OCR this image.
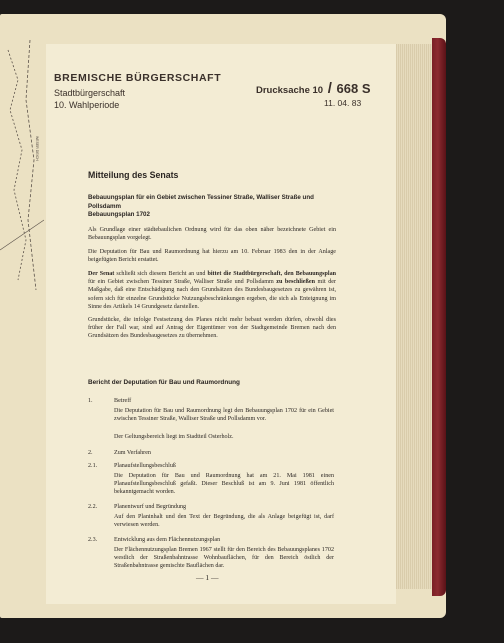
WESER DEICH
BREMISCHE BÜRGERSCHAFT
Stadtbürgerschaft
10. Wahlperiode
Drucksache 10 / 668 S
11. 04. 83
Mitteilung des Senats
Bebauungsplan für ein Gebiet zwischen Tessiner Straße, Walliser Straße und
Pollsdamm
Bebauungsplan 1702
Als Grundlage einer städtebaulichen Ordnung wird für das oben näher bezeichnete Gebiet ein Bebauungsplan vorgelegt.
Die Deputation für Bau und Raumordnung hat hierzu am 10. Februar 1983 den in der Anlage beigefügten Bericht erstattet.
Der Senat schließt sich diesem Bericht an und bittet die Stadtbürgerschaft, den Bebauungsplan für ein Gebiet zwischen Tessiner Straße, Walliser Straße und Pollsdamm zu beschließen mit der Maßgabe, daß eine Entschädigung nach den Grundsätzen des Bundesbaugesetzes zu gewähren ist, sofern sich für einzelne Grundstücke Nutzungsbeschränkungen ergeben, die sich als Enteignung im Sinne des Artikels 14 Grundgesetz darstellen.
Grundstücke, die infolge Festsetzung des Planes nicht mehr bebaut werden dürfen, obwohl dies früher der Fall war, sind auf Antrag der Eigentümer von der Stadtgemeinde Bremen nach den Grundsätzen des Bundesbaugesetzes zu übernehmen.
Bericht der Deputation für Bau und Raumordnung
1.	Betreff
Die Deputation für Bau und Raumordnung legt den Bebauungsplan 1702 für ein Gebiet zwischen Tessiner Straße, Walliser Straße und Pollsdamm vor.
Der Geltungsbereich liegt im Stadtteil Osterholz.
2.	Zum Verfahren
2.1.	Planaufstellungsbeschluß
Die Deputation für Bau und Raumordnung hat am 21. Mai 1981 einen Planaufstellungsbeschluß gefaßt. Dieser Beschluß ist am 9. Juni 1981 öffentlich bekanntgemacht worden.
2.2.	Planentwurf und Begründung
Auf den Planinhalt und den Text der Begründung, die als Anlage beigefügt ist, darf verwiesen werden.
2.3.	Entwicklung aus dem Flächennutzungsplan
Der Flächennutzungsplan Bremen 1967 stellt für den Bereich des Bebauungsplanes 1702 westlich der Straßenbahntrasse Wohnbauflächen, für den Bereich östlich der Straßenbahntrasse gemischte Bauflächen dar.
— 1 —
